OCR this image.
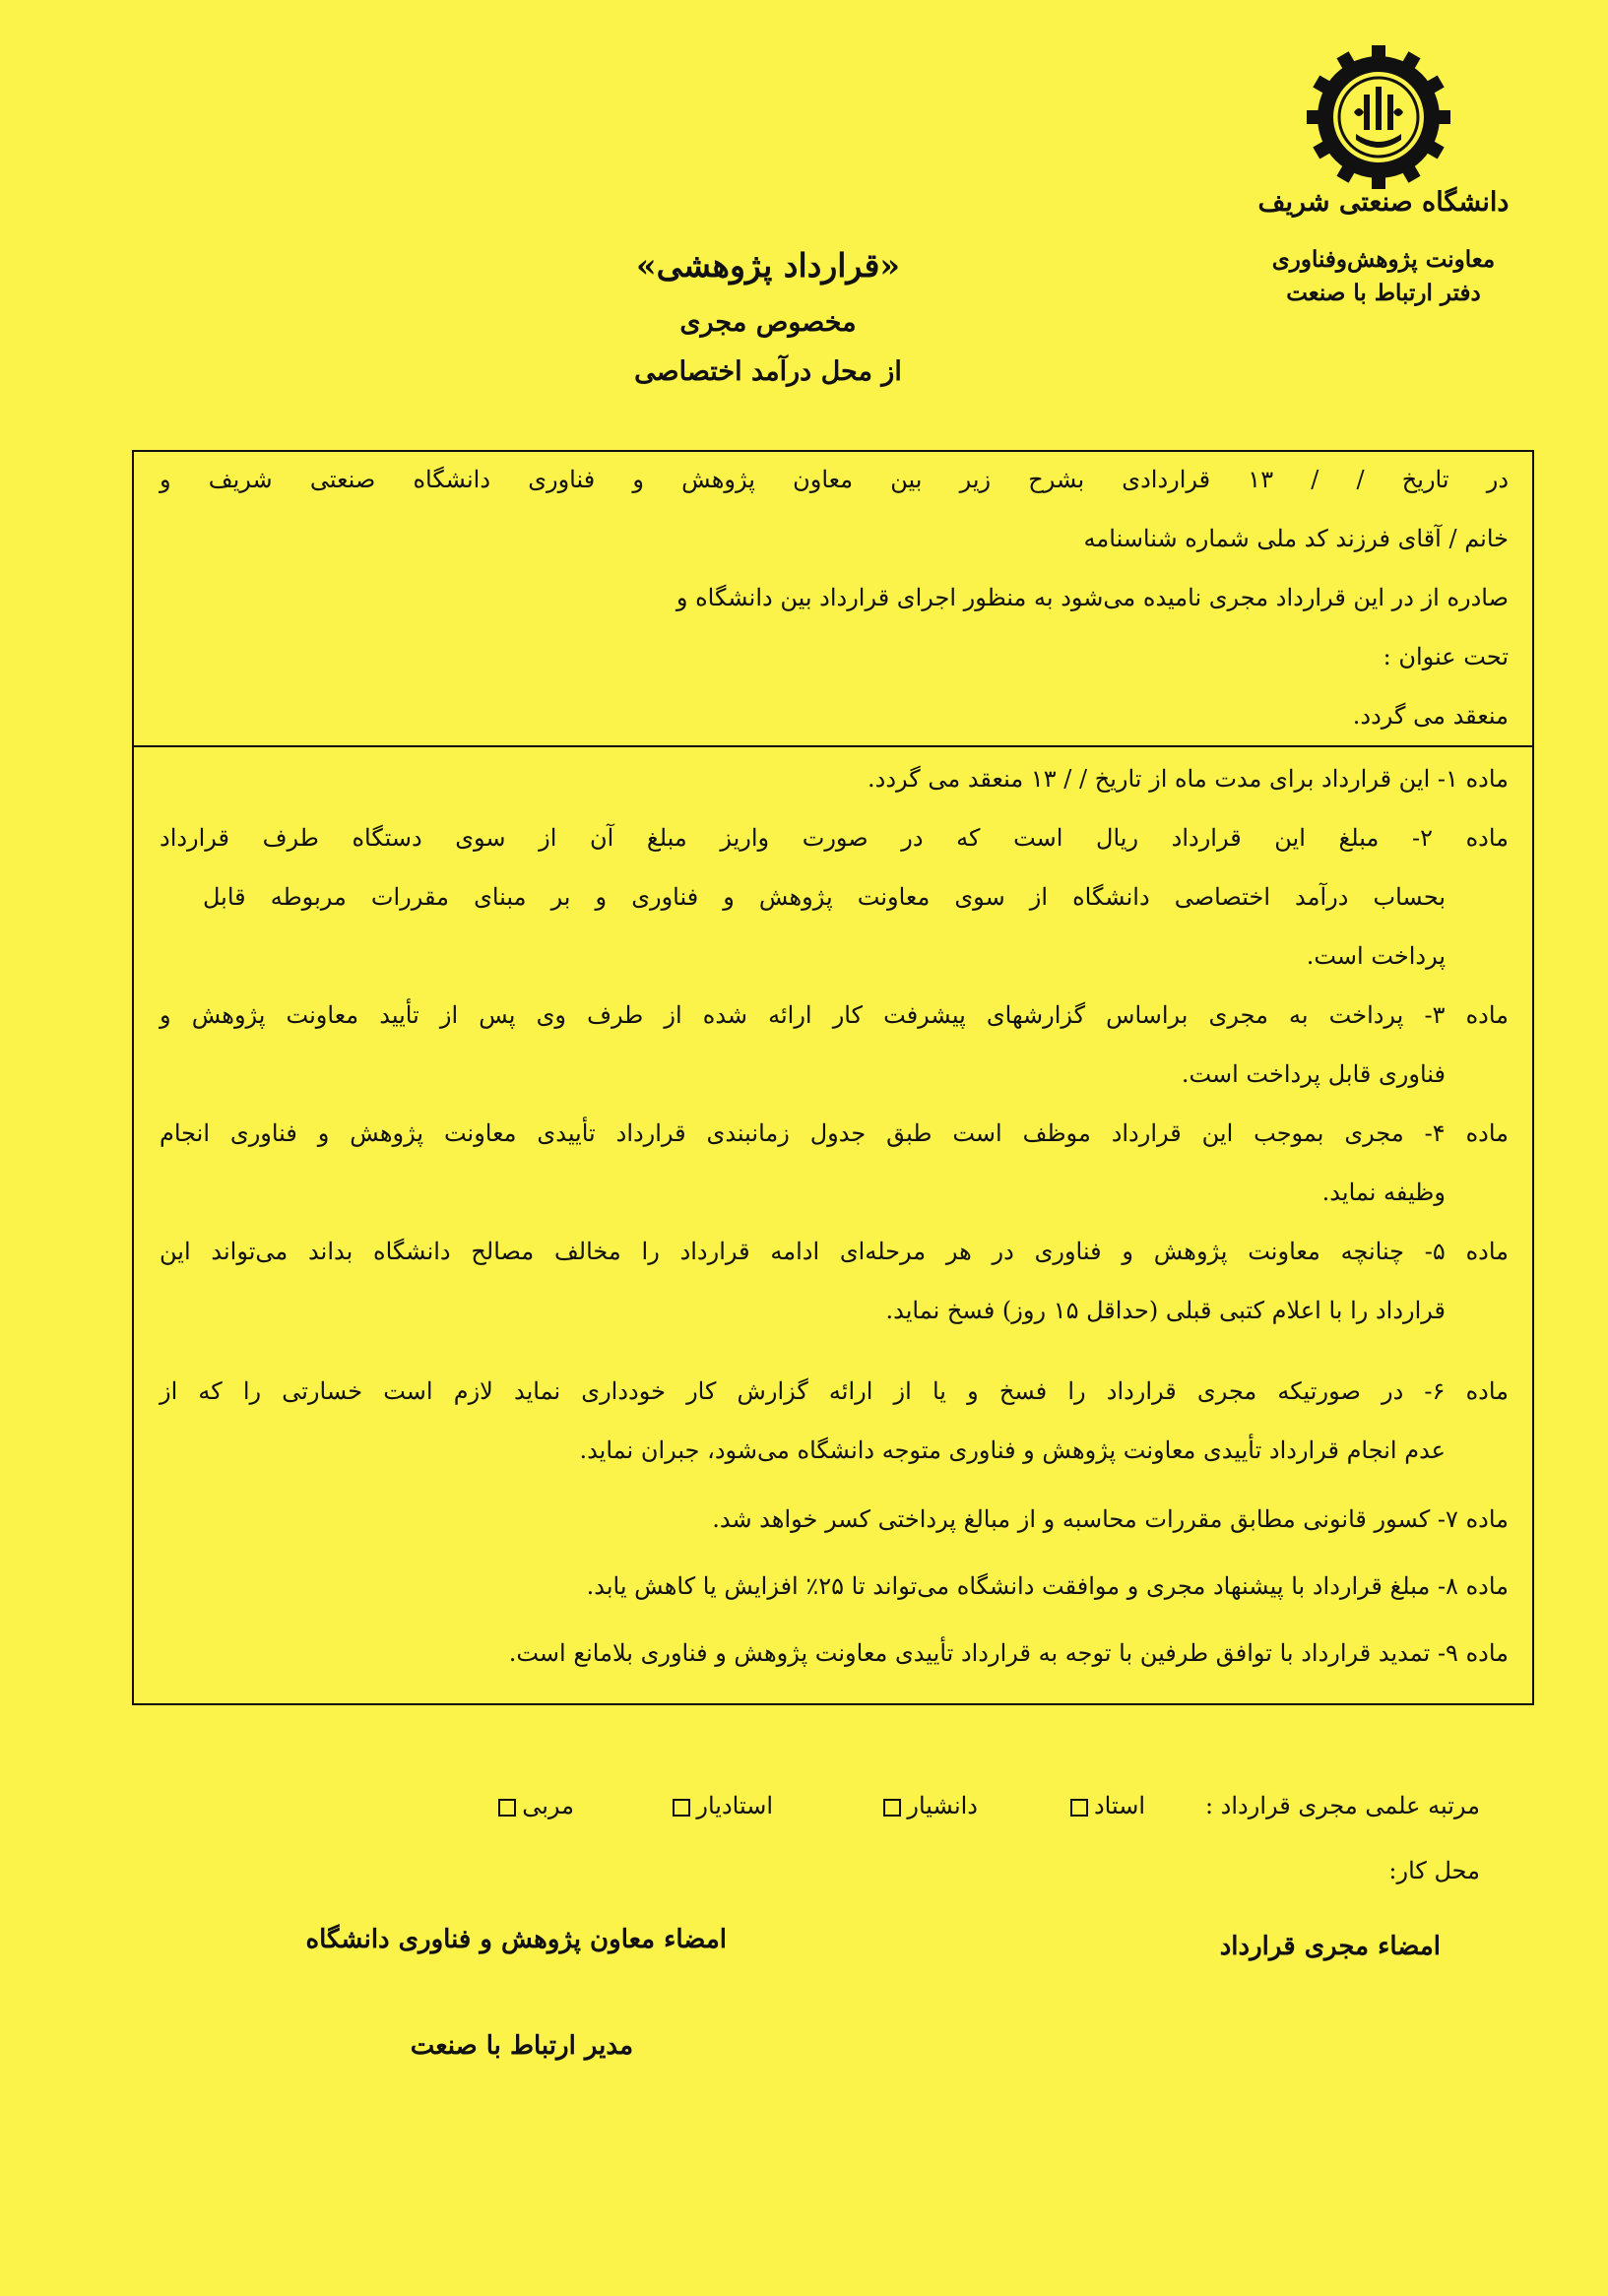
دانشگاه صنعتی شریف
معاونت پژوهش‌وفناوری
دفتر ارتباط با صنعت
«قرارداد پژوهشی»
مخصوص مجری
از محل درآمد اختصاصی
در تاریخ / / ۱۳ قراردادی بشرح زیر بین معاون پژوهش و فناوری دانشگاه صنعتی شریف و
خانم / آقای فرزند کد ملی شماره شناسنامه
صادره از در این قرارداد مجری نامیده می‌شود به منظور اجرای قرارداد بین دانشگاه و
تحت عنوان :
منعقد می گردد.
ماده ۱- این قرارداد برای مدت ماه از تاریخ / / ۱۳ منعقد می گردد.
ماده ۲- مبلغ این قرارداد ریال است که در صورت واریز مبلغ آن از سوی دستگاه طرف قرارداد
بحساب درآمد اختصاصی دانشگاه از سوی معاونت پژوهش و فناوری و بر مبنای مقررات مربوطه قابل
پرداخت است.
ماده ۳- پرداخت به مجری براساس گزارشهای پیشرفت کار ارائه شده از طرف وی پس از تأیید معاونت پژوهش و
فناوری قابل پرداخت است.
ماده ۴- مجری بموجب این قرارداد موظف است طبق جدول زمانبندی قرارداد تأییدی معاونت پژوهش و فناوری انجام
وظیفه نماید.
ماده ۵- چنانچه معاونت پژوهش و فناوری در هر مرحله‌ای ادامه قرارداد را مخالف مصالح دانشگاه بداند می‌تواند این
قرارداد را با اعلام کتبی قبلی (حداقل ۱۵ روز) فسخ نماید.
ماده ۶- در صورتیکه مجری قرارداد را فسخ و یا از ارائه گزارش کار خودداری نماید لازم است خسارتی را که از
عدم انجام قرارداد تأییدی معاونت پژوهش و فناوری متوجه دانشگاه می‌شود، جبران نماید.
ماده ۷- کسور قانونی مطابق مقررات محاسبه و از مبالغ پرداختی کسر خواهد شد.
ماده ۸- مبلغ قرارداد با پیشنهاد مجری و موافقت دانشگاه می‌تواند تا ۲۵٪ افزایش یا کاهش یابد.
ماده ۹- تمدید قرارداد با توافق طرفین با توجه به قرارداد تأییدی معاونت پژوهش و فناوری بلامانع است.
مرتبه علمی مجری قرارداد :
استاد
دانشیار
استادیار
مربی
محل کار:
امضاء مجری قرارداد
امضاء معاون پژوهش و فناوری دانشگاه
مدیر ارتباط با صنعت
